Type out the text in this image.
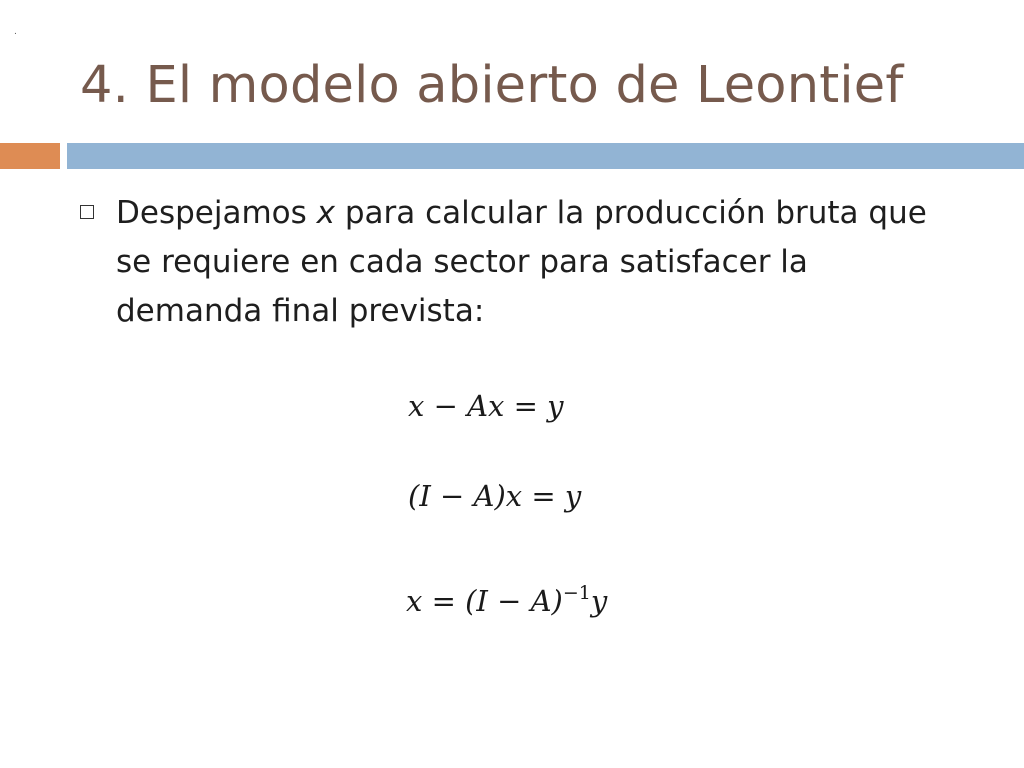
.
4. El modelo abierto de Leontief

Despejamos x para calcular la producción bruta que se requiere en cada sector para satisfacer la demanda final prevista:

x − Ax = y
(I − A)x = y
$x = (I - A)^{-1}y$
